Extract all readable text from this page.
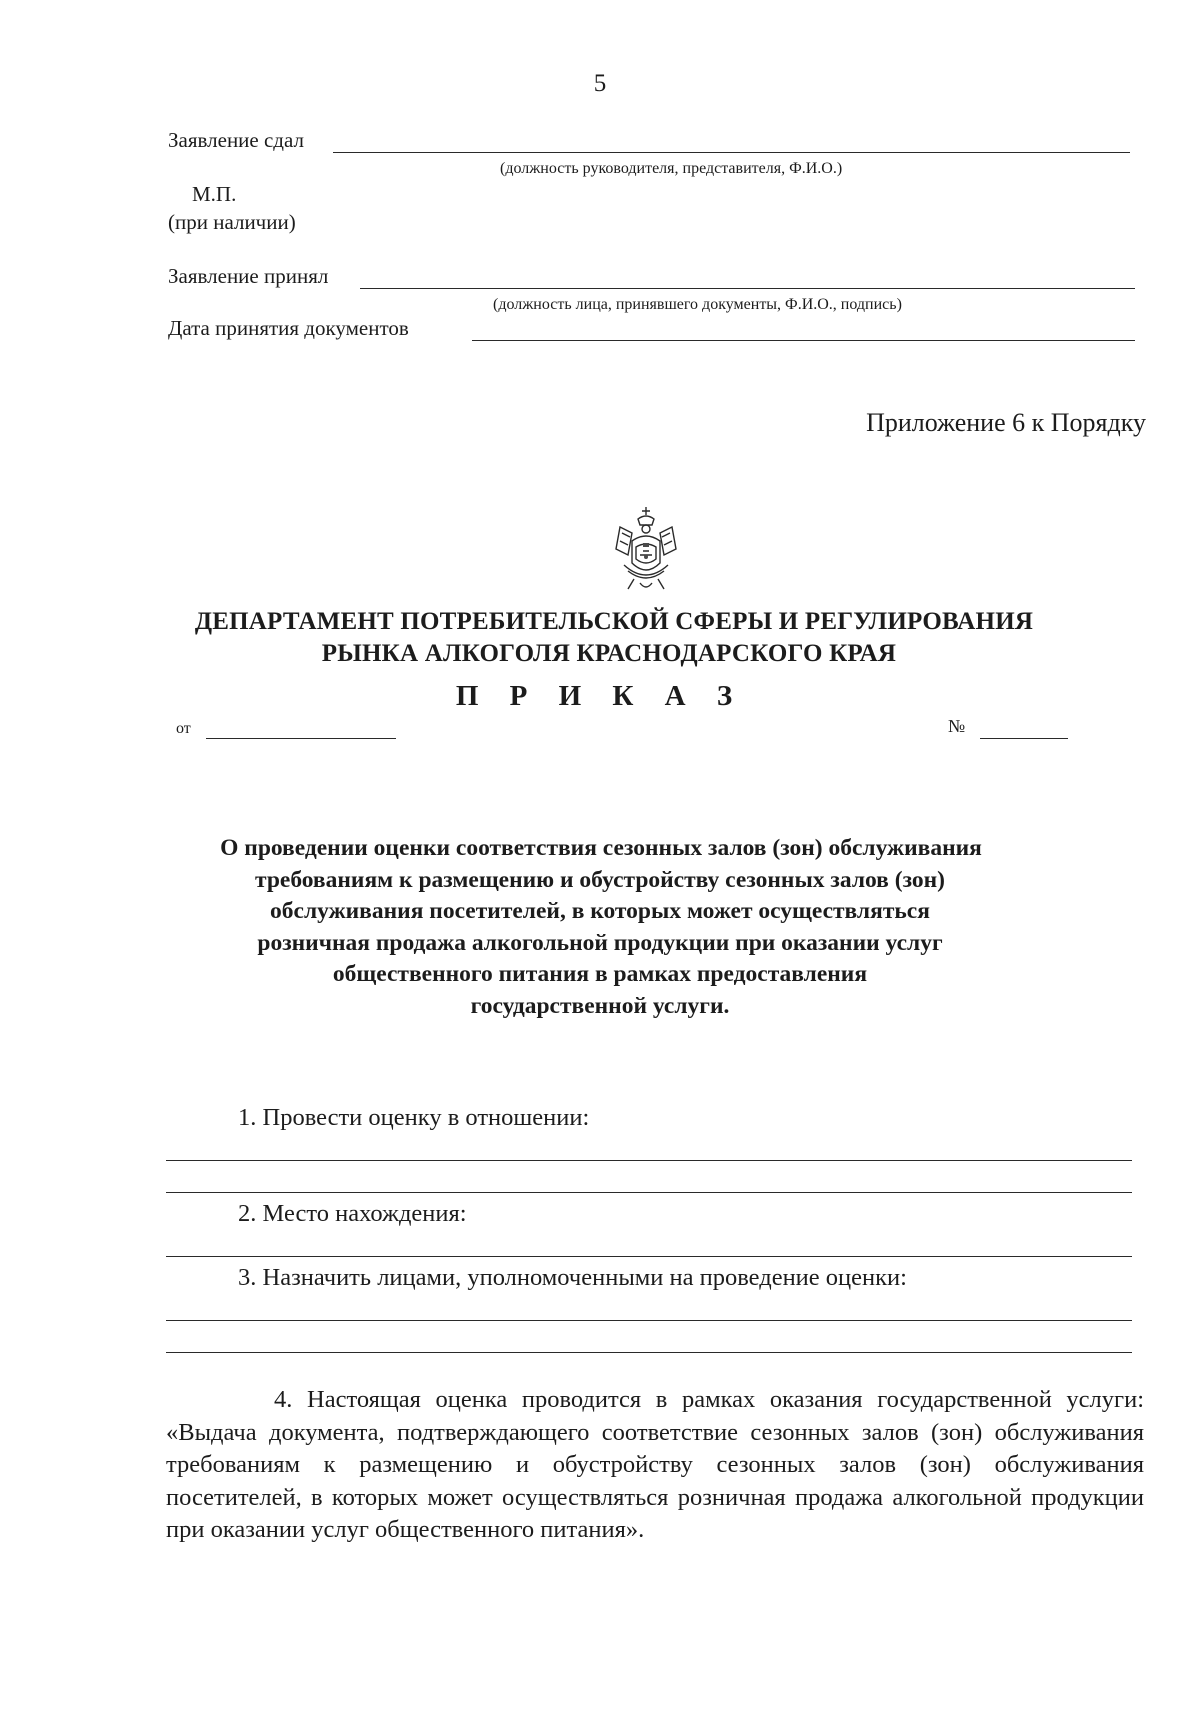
5
Заявление сдал
(должность руководителя, представителя, Ф.И.О.)
М.П.
(при наличии)
Заявление принял
(должность лица, принявшего документы, Ф.И.О., подпись)
Дата принятия документов
Приложение 6 к Порядку
ДЕПАРТАМЕНТ ПОТРЕБИТЕЛЬСКОЙ СФЕРЫ И РЕГУЛИРОВАНИЯ
РЫНКА АЛКОГОЛЯ КРАСНОДАРСКОГО КРАЯ
П Р И К А З
от	№
О проведении оценки соответствия сезонных залов (зон) обслуживания
требованиям к размещению и обустройству сезонных залов (зон)
обслуживания посетителей, в которых может осуществляться
розничная продажа алкогольной продукции при оказании услуг
общественного питания в рамках предоставления
государственной услуги.
1. Провести оценку в отношении:
2. Место нахождения:
3. Назначить лицами, уполномоченными на проведение оценки:
4. Настоящая оценка проводится в рамках оказания государственной услуги: «Выдача документа, подтверждающего соответствие сезонных залов (зон) обслуживания требованиям к размещению и обустройству сезонных залов (зон) обслуживания посетителей, в которых может осуществляться розничная продажа алкогольной продукции при оказании услуг общественного питания».
